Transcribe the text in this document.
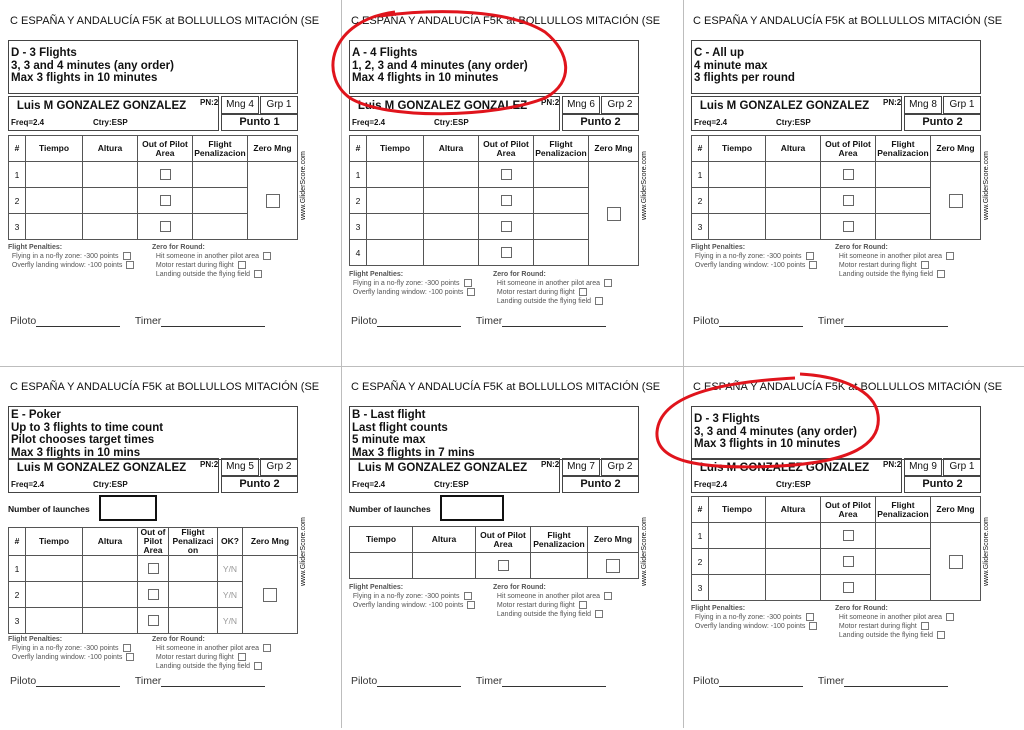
C ESPAÑA Y ANDALUCÍA F5K at BOLLULLOS MITACIÓN (SE
D - 3 Flights
3, 3 and 4 minutes (any order)
Max 3 flights in 10 minutes
Luis M GONZALEZ GONZALEZ	PN:2
Freq=2.4	Ctry:ESP
Mng 4	Grp 1
Punto 1
#	Tiempo	Altura	Out of Pilot Area	Flight Penalizacion	Zero Mng
1					
2					
3					
www.GliderScore.com
Flight Penalties:
Flying in a no-fly zone: -300 points
Overfly landing window: -100 points
Zero for Round:
Hit someone in another pilot area
Motor restart during flight
Landing outside the flying field
Piloto	Timer
C ESPAÑA Y ANDALUCÍA F5K at BOLLULLOS MITACIÓN (SE
A - 4 Flights
1, 2, 3 and 4 minutes (any order)
Max 4 flights in 10 minutes
Luis M GONZALEZ GONZALEZ	PN:2
Freq=2.4	Ctry:ESP
Mng 6	Grp 2
Punto 2
#	Tiempo	Altura	Out of Pilot Area	Flight Penalizacion	Zero Mng
1					
2					
3					
4					
www.GliderScore.com
Flight Penalties:
Flying in a no-fly zone: -300 points
Overfly landing window: -100 points
Zero for Round:
Hit someone in another pilot area
Motor restart during flight
Landing outside the flying field
Piloto	Timer
C ESPAÑA Y ANDALUCÍA F5K at BOLLULLOS MITACIÓN (SE
C - All up
4 minute max
3 flights per round
Luis M GONZALEZ GONZALEZ	PN:2
Freq=2.4	Ctry:ESP
Mng 8	Grp 1
Punto 2
#	Tiempo	Altura	Out of Pilot Area	Flight Penalizacion	Zero Mng
1					
2					
3					
www.GliderScore.com
Flight Penalties:
Flying in a no-fly zone: -300 points
Overfly landing window: -100 points
Zero for Round:
Hit someone in another pilot area
Motor restart during flight
Landing outside the flying field
Piloto	Timer
C ESPAÑA Y ANDALUCÍA F5K at BOLLULLOS MITACIÓN (SE
E - Poker
Up to 3 flights to time count
Pilot chooses target times
Max 3 flights in 10 mins
Luis M GONZALEZ GONZALEZ	PN:2
Freq=2.4	Ctry:ESP
Mng 5	Grp 2
Punto 2
Number of launches
#	Tiempo	Altura	Out of Pilot Area	Flight Penalizaci on	OK?	Zero Mng
1					Y/N	
2					Y/N	
3					Y/N	
www.GliderScore.com
Flight Penalties:
Flying in a no-fly zone: -300 points
Overfly landing window: -100 points
Zero for Round:
Hit someone in another pilot area
Motor restart during flight
Landing outside the flying field
Piloto	Timer
C ESPAÑA Y ANDALUCÍA F5K at BOLLULLOS MITACIÓN (SE
B - Last flight
Last flight counts
5 minute max
Max 3 flights in 7 mins
Luis M GONZALEZ GONZALEZ	PN:2
Freq=2.4	Ctry:ESP
Mng 7	Grp 2
Punto 2
Number of launches
Tiempo	Altura	Out of Pilot Area	Flight Penalizacion	Zero Mng
				www.GliderScore.com
Flight Penalties:
Flying in a no-fly zone: -300 points
Overfly landing window: -100 points
Zero for Round:
Hit someone in another pilot area
Motor restart during flight
Landing outside the flying field
Piloto	Timer
C ESPAÑA Y ANDALUCÍA F5K at BOLLULLOS MITACIÓN (SE
D - 3 Flights
3, 3 and 4 minutes (any order)
Max 3 flights in 10 minutes
Luis M GONZALEZ GONZALEZ	PN:2
Freq=2.4	Ctry:ESP
Mng 9	Grp 1
Punto 2
#	Tiempo	Altura	Out of Pilot Area	Flight Penalizacion	Zero Mng
1					
2					
3					
www.GliderScore.com
Flight Penalties:
Flying in a no-fly zone: -300 points
Overfly landing window: -100 points
Zero for Round:
Hit someone in another pilot area
Motor restart during flight
Landing outside the flying field
Piloto	Timer
